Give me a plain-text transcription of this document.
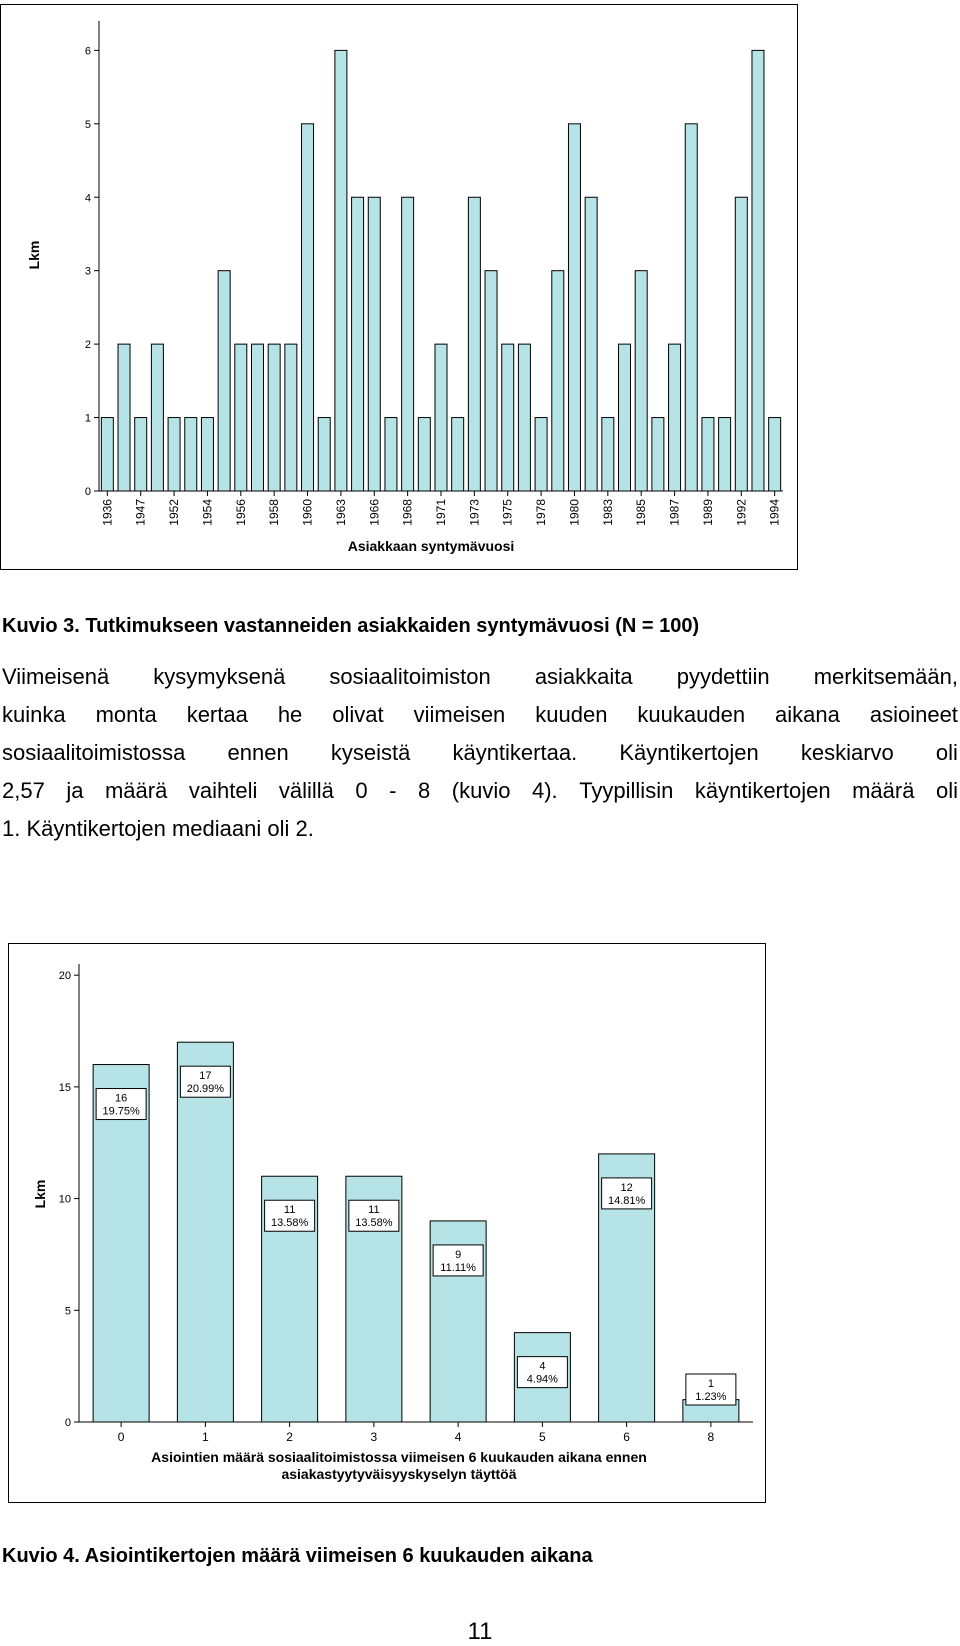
0
1
2
3
4
5
6
1936 1947 1952 1954 1956 1958 1960 1963 1966 1968 1971 1973 1975 1978 1980 1983 1985 1987 1989 1992 1994
Lkm
Asiakkaan syntymävuosi
Kuvio 3. Tutkimukseen vastanneiden asiakkaiden syntymävuosi (N = 100)
Viimeisenä kysymyksenä sosiaalitoimiston asiakkaita pyydettiin merkitsemään,
kuinka monta kertaa he olivat viimeisen kuuden kuukauden aikana asioineet
sosiaalitoimistossa ennen kyseistä käyntikertaa. Käyntikertojen keskiarvo oli
2,57 ja määrä vaihteli välillä 0 - 8 (kuvio 4). Tyypillisin käyntikertojen määrä oli
1. Käyntikertojen mediaani oli 2.
0
5
10
15
20
0
16
19.75%
1
17
20.99%
2
11
13.58%
3
11
13.58%
4
9
11.11%
5
4
4.94%
6
12
14.81%
8
1
1.23%
Lkm
Asiointien määrä sosiaalitoimistossa viimeisen 6 kuukauden aikana ennen
asiakastyytyväisyyskyselyn täyttöä
Kuvio 4. Asiointikertojen määrä viimeisen 6 kuukauden aikana
11
